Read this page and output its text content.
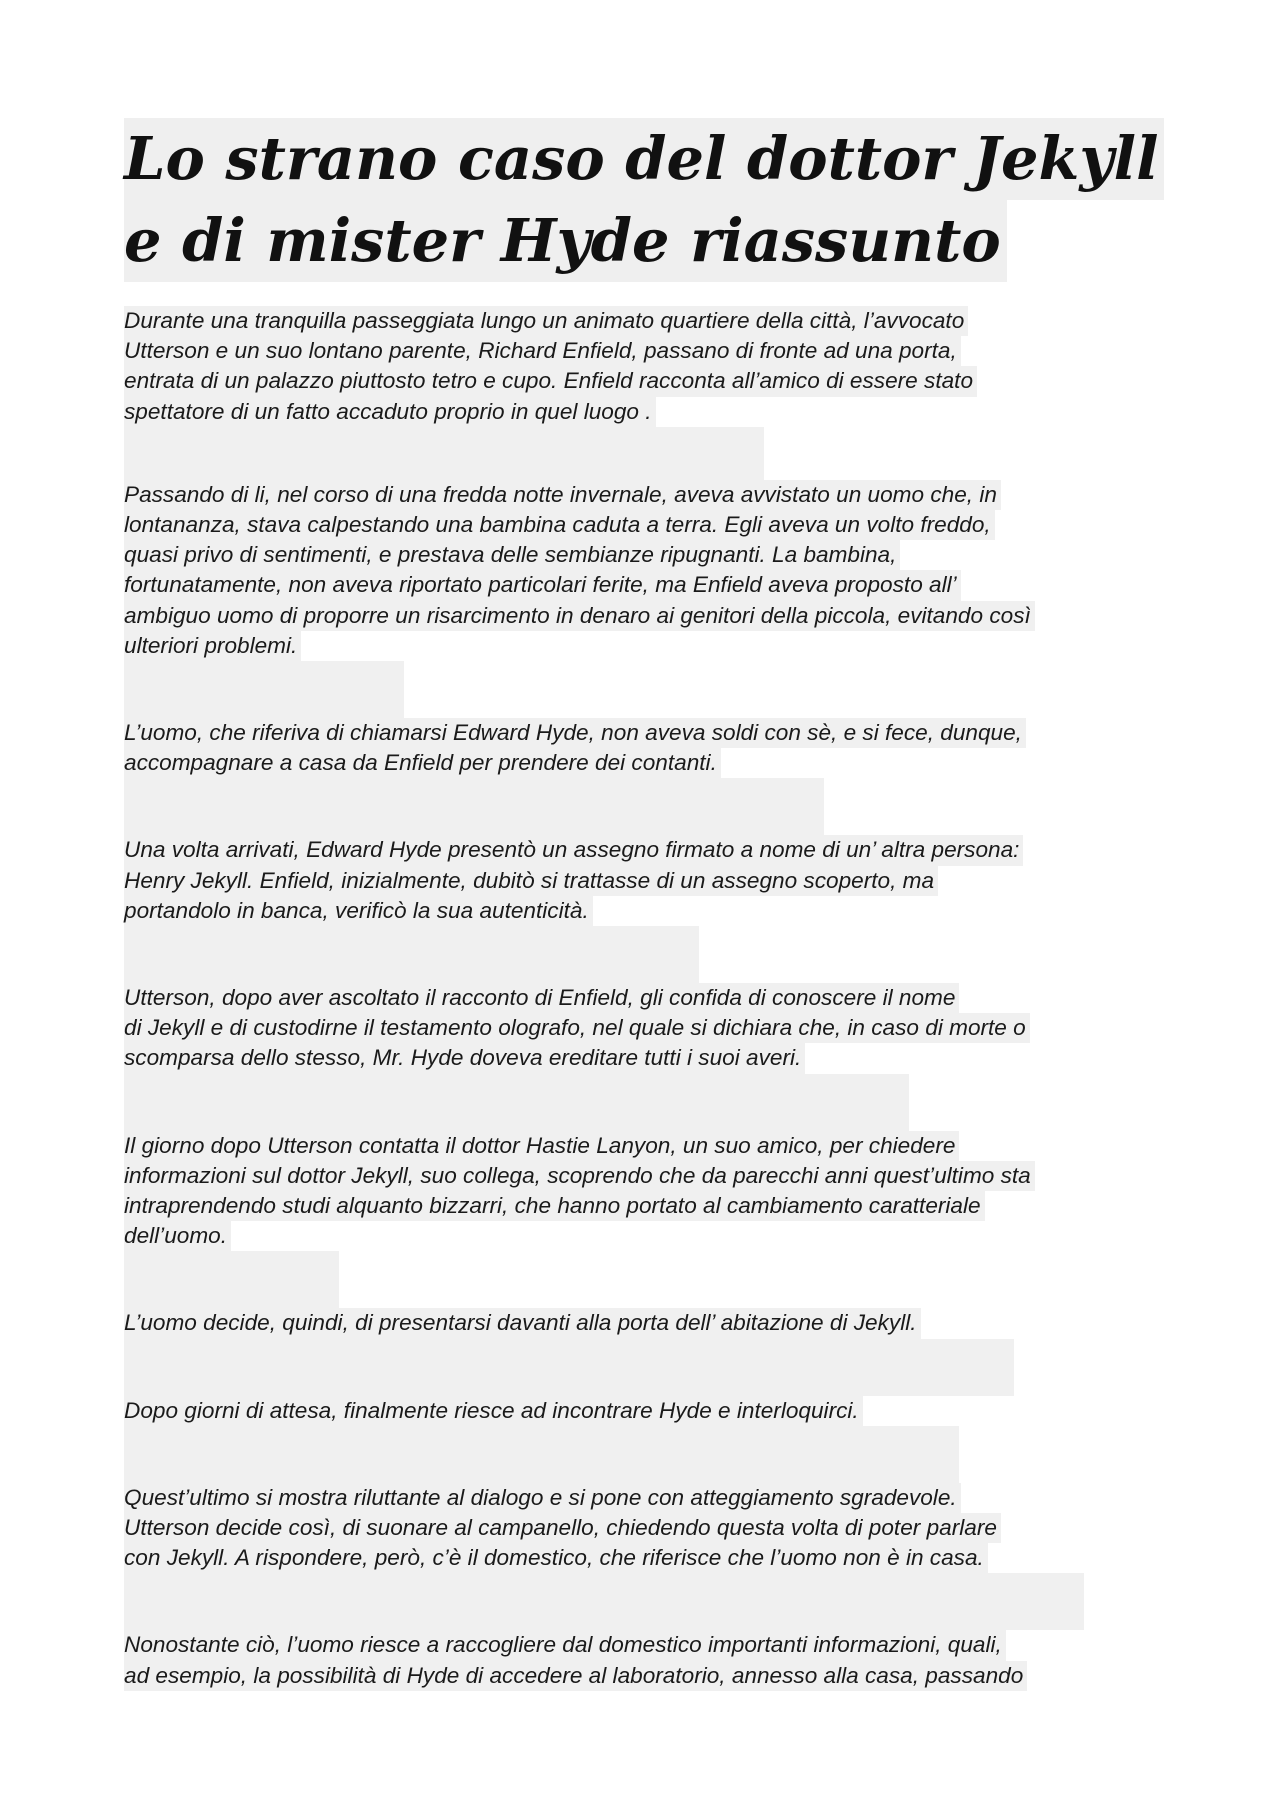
Lo strano caso del dottor Jekyll
e di mister Hyde riassunto
Durante una tranquilla passeggiata lungo un animato quartiere della città, l’avvocato
Utterson e un suo lontano parente, Richard Enfield, passano di fronte ad una porta,
entrata di un palazzo piuttosto tetro e cupo. Enfield racconta all’amico di essere stato
spettatore di un fatto accaduto proprio in quel luogo .
Passando di li, nel corso di una fredda notte invernale, aveva avvistato un uomo che, in
lontananza, stava calpestando una bambina caduta a terra. Egli aveva un volto freddo,
quasi privo di sentimenti, e prestava delle sembianze ripugnanti. La bambina,
fortunatamente, non aveva riportato particolari ferite, ma Enfield aveva proposto all’
ambiguo uomo di proporre un risarcimento in denaro ai genitori della piccola, evitando così
ulteriori problemi.
L’uomo, che riferiva di chiamarsi Edward Hyde, non aveva soldi con sè, e si fece, dunque,
accompagnare a casa da Enfield per prendere dei contanti.
Una volta arrivati, Edward Hyde presentò un assegno firmato a nome di un’ altra persona:
Henry Jekyll. Enfield, inizialmente, dubitò si trattasse di un assegno scoperto, ma
portandolo in banca, verificò la sua autenticità.
Utterson, dopo aver ascoltato il racconto di Enfield, gli confida di conoscere il nome
di Jekyll e di custodirne il testamento olografo, nel quale si dichiara che, in caso di morte o
scomparsa dello stesso, Mr. Hyde doveva ereditare tutti i suoi averi.
Il giorno dopo Utterson contatta il dottor Hastie Lanyon, un suo amico, per chiedere
informazioni sul dottor Jekyll, suo collega, scoprendo che da parecchi anni quest’ultimo sta
intraprendendo studi alquanto bizzarri, che hanno portato al cambiamento caratteriale
dell’uomo.
L’uomo decide, quindi, di presentarsi davanti alla porta dell’ abitazione di Jekyll.
Dopo giorni di attesa, finalmente riesce ad incontrare Hyde e interloquirci.
Quest’ultimo si mostra riluttante al dialogo e si pone con atteggiamento sgradevole.
Utterson decide così, di suonare al campanello, chiedendo questa volta di poter parlare
con Jekyll. A rispondere, però, c’è il domestico, che riferisce che l’uomo non è in casa.
Nonostante ciò, l’uomo riesce a raccogliere dal domestico importanti informazioni, quali,
ad esempio, la possibilità di Hyde di accedere al laboratorio, annesso alla casa, passando
